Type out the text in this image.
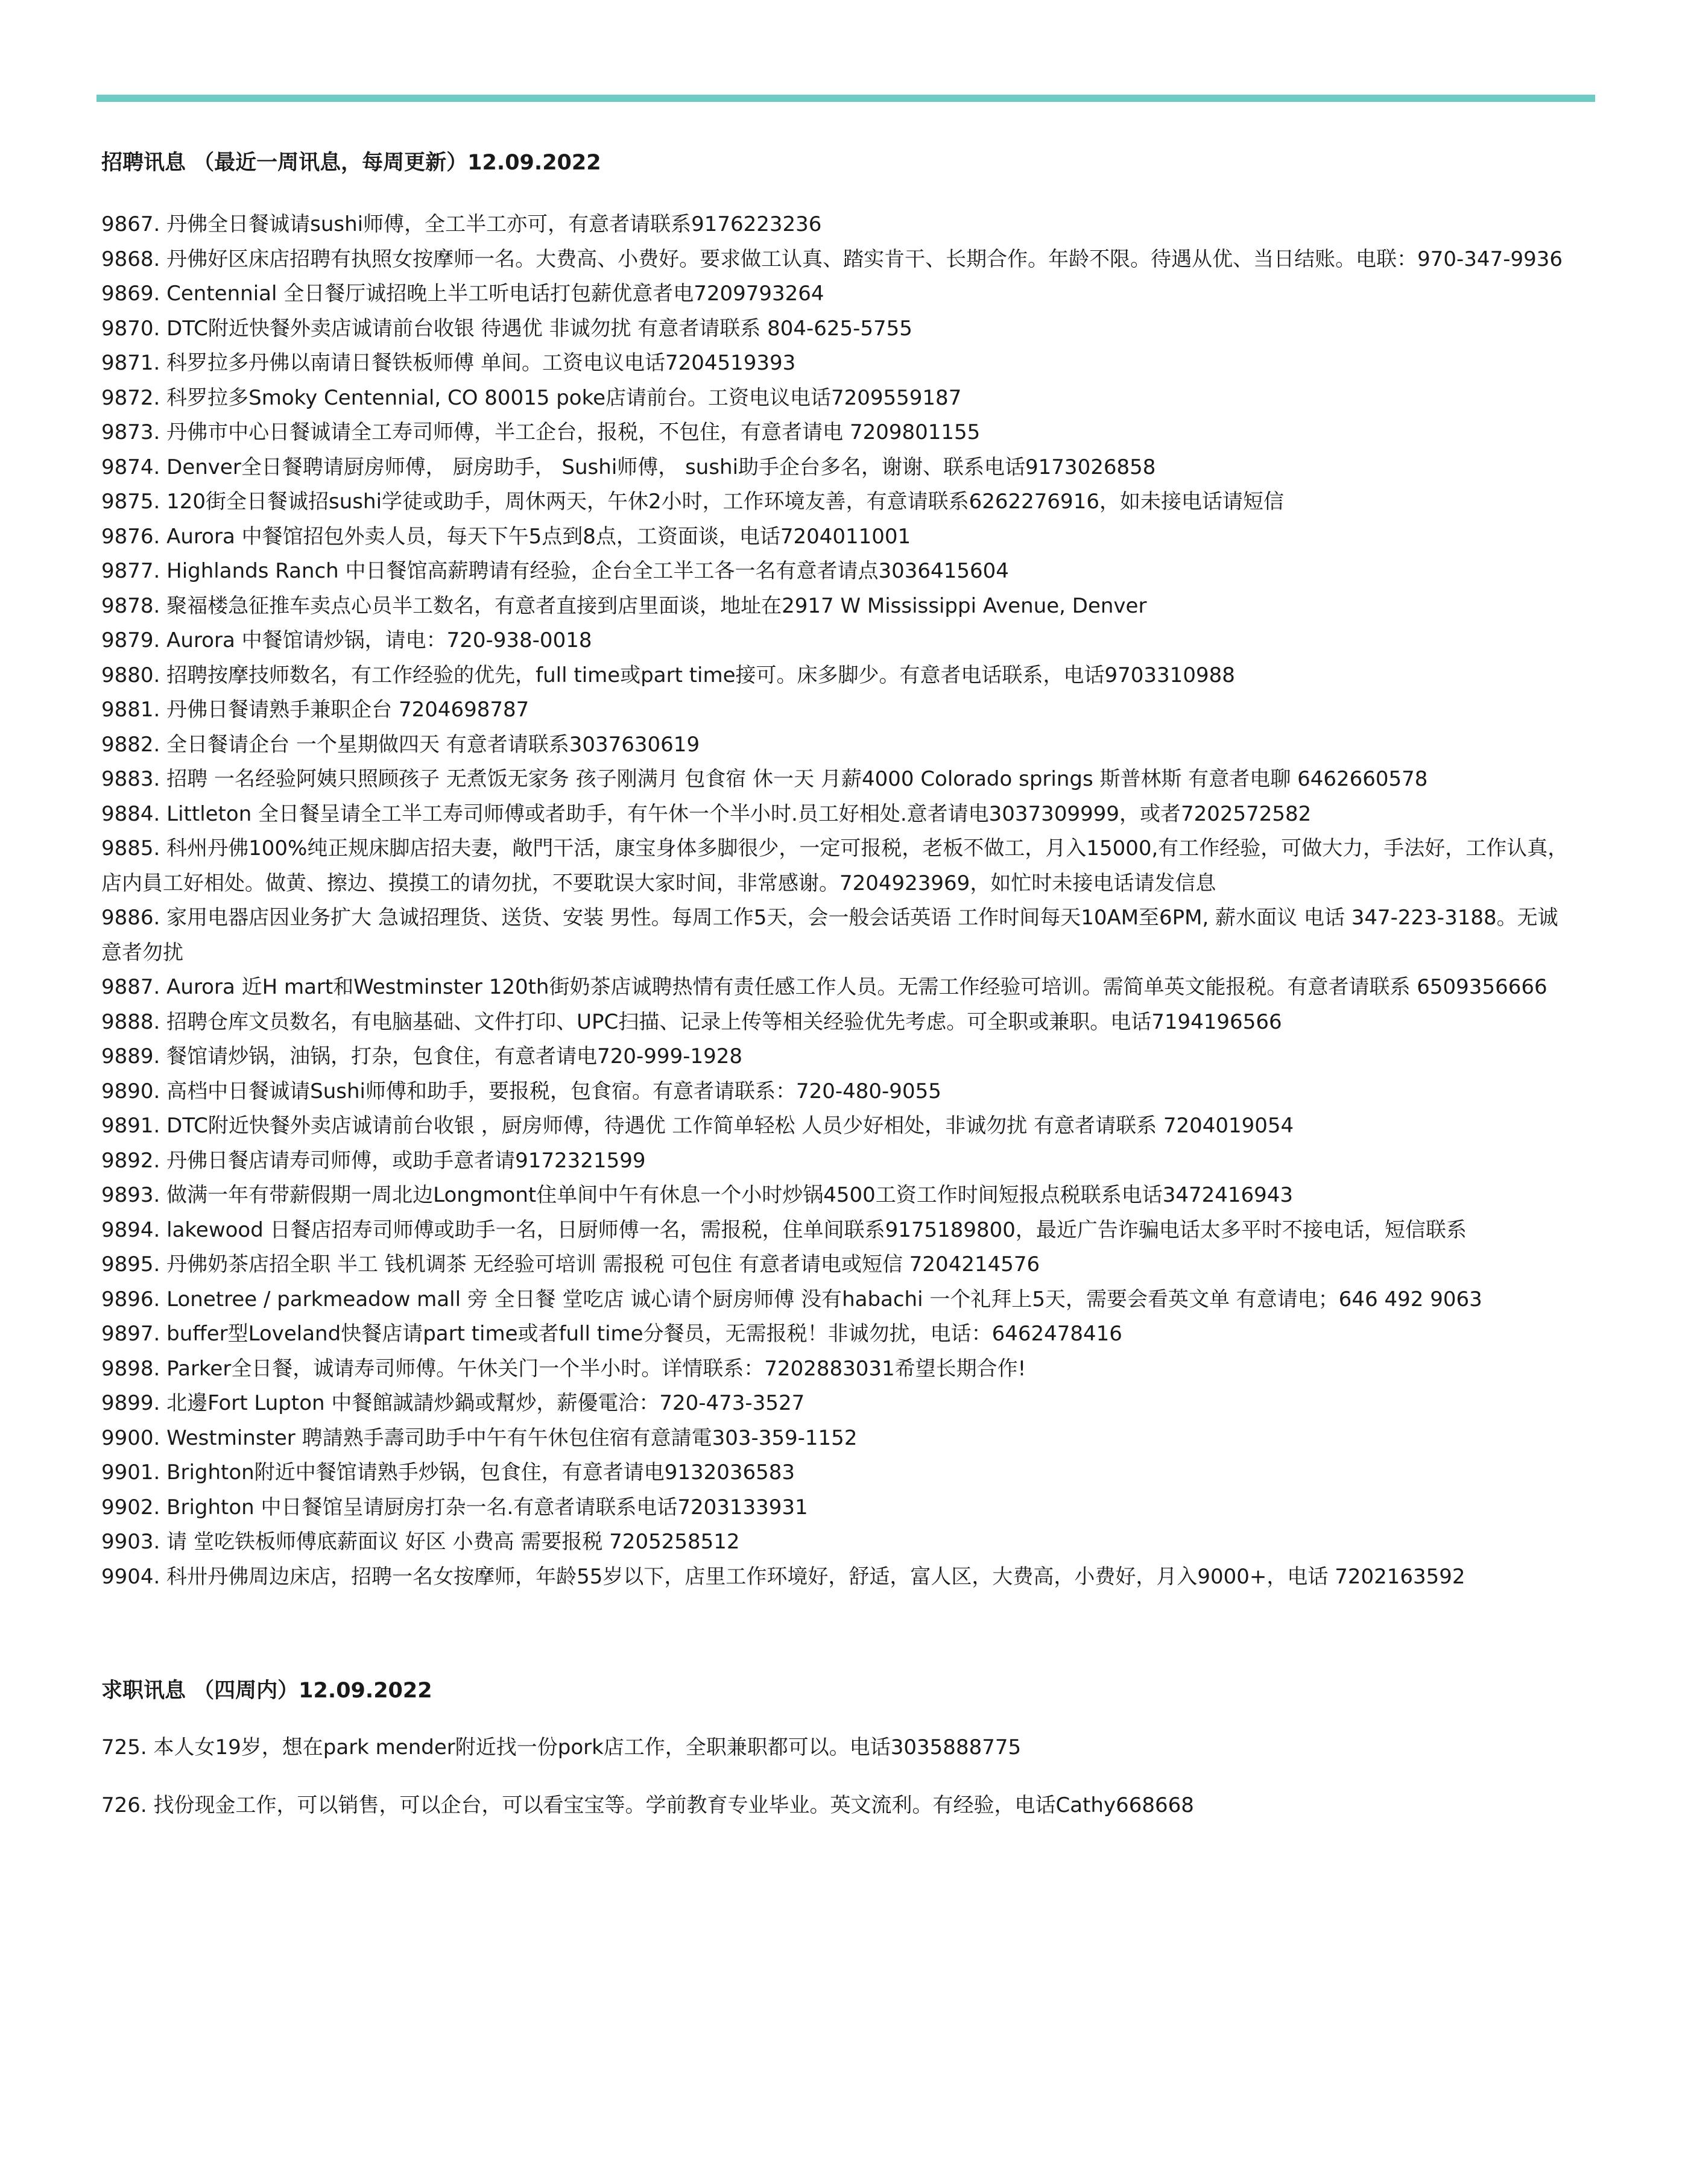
招聘讯息 （最近一周讯息，每周更新）12.09.2022

9867. 丹佛全日餐诚请sushi师傅，全工半工亦可，有意者请联系9176223236
9868. 丹佛好区床店招聘有执照女按摩师一名。大费高、小费好。要求做工认真、踏实肯干、长期合作。年龄不限。待遇从优、当日结账。电联：970-347-9936
9869. Centennial 全日餐厅诚招晚上半工听电话打包薪优意者电7209793264
9870. DTC附近快餐外卖店诚请前台收银 待遇优 非诚勿扰 有意者请联系 804-625-5755
9871. 科罗拉多丹佛以南请日餐铁板师傅 单间。工资电议电话7204519393
9872. 科罗拉多Smoky Centennial, CO 80015 poke店请前台。工资电议电话7209559187
9873. 丹佛市中心日餐诚请全工寿司师傅，半工企台，报税，不包住，有意者请电 7209801155
9874. Denver全日餐聘请厨房师傅， 厨房助手， Sushi师傅， sushi助手企台多名，谢谢、联系电话9173026858
9875. 120街全日餐诚招sushi学徒或助手，周休两天，午休2小时，工作环境友善，有意请联系6262276916，如未接电话请短信
9876. Aurora 中餐馆招包外卖人员，每天下午5点到8点，工资面谈，电话7204011001
9877. Highlands Ranch 中日餐馆高薪聘请有经验，企台全工半工各一名有意者请点3036415604
9878. 聚福楼急征推车卖点心员半工数名，有意者直接到店里面谈，地址在2917 W Mississippi Avenue, Denver
9879. Aurora 中餐馆请炒锅，请电：720-938-0018
9880. 招聘按摩技师数名，有工作经验的优先，full time或part time接可。床多脚少。有意者电话联系，电话9703310988
9881. 丹佛日餐请熟手兼职企台 7204698787
9882. 全日餐请企台 一个星期做四天 有意者请联系3037630619
9883. 招聘 一名经验阿姨只照顾孩子 无煮饭无家务 孩子刚满月 包食宿 休一天 月薪4000 Colorado springs 斯普林斯 有意者电聊 6462660578
9884. Littleton 全日餐呈请全工半工寿司师傅或者助手，有午休一个半小时.员工好相处.意者请电3037309999，或者7202572582
9885. 科州丹佛100%纯正规床脚店招夫妻，敞門干活，康宝身体多脚很少，一定可报税，老板不做工，月入15000,有工作经验，可做大力，手法好，工作认真，店内員工好相处。做黄、擦边、摸摸工的请勿扰，不要耽误大家时间，非常感谢。7204923969，如忙时未接电话请发信息
9886. 家用电器店因业务扩大 急诚招理货、送货、安装 男性。每周工作5天，会一般会话英语 工作时间每天10AM至6PM, 薪水面议 电话 347-223-3188。无诚意者勿扰
9887. Aurora 近H mart和Westminster 120th街奶茶店诚聘热情有责任感工作人员。无需工作经验可培训。需简单英文能报税。有意者请联系 6509356666
9888. 招聘仓库文员数名，有电脑基础、文件打印、UPC扫描、记录上传等相关经验优先考虑。可全职或兼职。电话7194196566
9889. 餐馆请炒锅，油锅，打杂，包食住，有意者请电720-999-1928
9890. 高档中日餐诚请Sushi师傅和助手，要报税，包食宿。有意者请联系：720-480-9055
9891. DTC附近快餐外卖店诚请前台收银 ，厨房师傅，待遇优 工作简单轻松 人员少好相处，非诚勿扰 有意者请联系 7204019054
9892. 丹佛日餐店请寿司师傅，或助手意者请9172321599
9893. 做满一年有带薪假期一周北边Longmont住单间中午有休息一个小时炒锅4500工资工作时间短报点税联系电话3472416943
9894. lakewood 日餐店招寿司师傅或助手一名，日厨师傅一名，需报税，住单间联系9175189800，最近广告诈骗电话太多平时不接电话，短信联系
9895. 丹佛奶茶店招全职 半工 钱机调茶 无经验可培训 需报税 可包住 有意者请电或短信 7204214576
9896. Lonetree / parkmeadow mall 旁 全日餐 堂吃店 诚心请个厨房师傅 没有habachi 一个礼拜上5天，需要会看英文单 有意请电；646 492 9063
9897. buffer型Loveland快餐店请part time或者full time分餐员，无需报税！非诚勿扰，电话：6462478416
9898. Parker全日餐，诚请寿司师傅。午休关门一个半小时。详情联系：7202883031希望长期合作!
9899. 北邊Fort Lupton 中餐館誠請炒鍋或幫炒，薪優電洽：720-473-3527
9900. Westminster 聘請熟手壽司助手中午有午休包住宿有意請電303-359-1152
9901. Brighton附近中餐馆请熟手炒锅，包食住，有意者请电9132036583
9902. Brighton 中日餐馆呈请厨房打杂一名.有意者请联系电话7203133931
9903. 请 堂吃铁板师傅底薪面议 好区 小费高 需要报税 7205258512
9904. 科卅丹佛周边床店，招聘一名女按摩师，年龄55岁以下，店里工作环境好，舒适，富人区，大费高，小费好，月入9000+，电话 7202163592

求职讯息 （四周内）12.09.2022

725. 本人女19岁，想在park mender附近找一份pork店工作，全职兼职都可以。电话3035888775
726. 找份现金工作，可以销售，可以企台，可以看宝宝等。学前教育专业毕业。英文流利。有经验，电话Cathy668668
